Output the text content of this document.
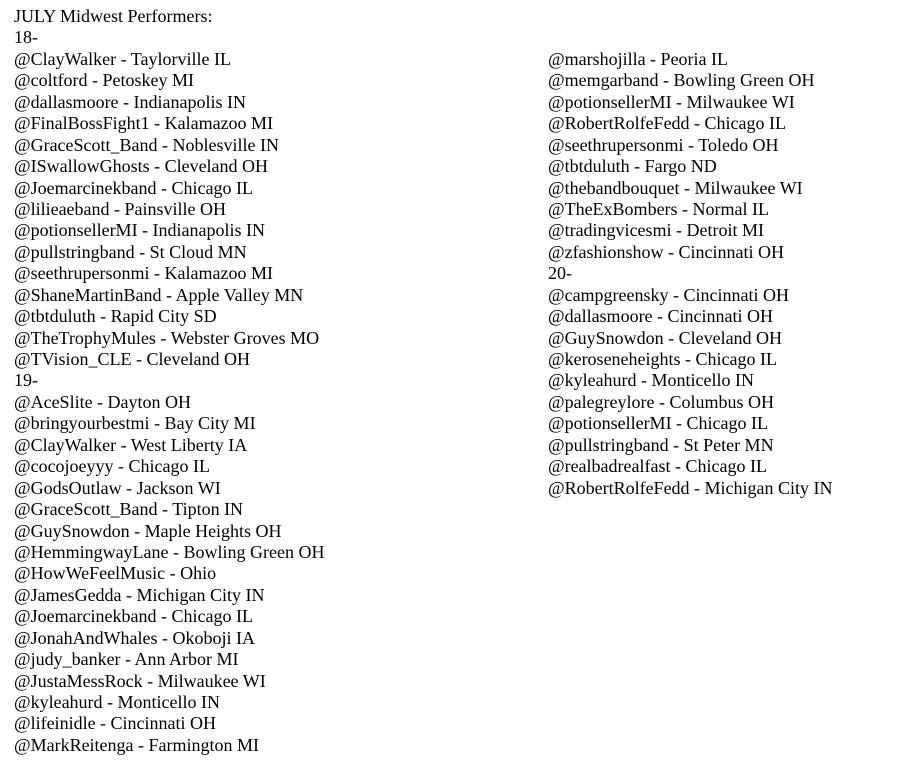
JULY Midwest Performers:
18-
@ClayWalker - Taylorville IL
@coltford - Petoskey MI
@dallasmoore - Indianapolis IN
@FinalBossFight1 - Kalamazoo MI
@GraceScott_Band - Noblesville IN
@ISwallowGhosts - Cleveland OH
@Joemarcinekband - Chicago IL
@lilieaeband - Painsville OH
@potionsellerMI - Indianapolis IN
@pullstringband - St Cloud MN
@seethrupersonmi - Kalamazoo MI
@ShaneMartinBand - Apple Valley MN
@tbtduluth - Rapid City SD
@TheTrophyMules - Webster Groves MO
@TVision_CLE - Cleveland OH
19-
@AceSlite - Dayton OH
@bringyourbestmi - Bay City MI
@ClayWalker - West Liberty IA
@cocojoeyyy - Chicago IL
@GodsOutlaw - Jackson WI
@GraceScott_Band - Tipton IN
@GuySnowdon - Maple Heights OH
@HemmingwayLane - Bowling Green OH
@HowWeFeelMusic - Ohio
@JamesGedda - Michigan City IN
@Joemarcinekband - Chicago IL
@JonahAndWhales - Okoboji IA
@judy_banker - Ann Arbor MI
@JustaMessRock - Milwaukee WI
@kyleahurd - Monticello IN
@lifeinidle - Cincinnati OH
@MarkReitenga - Farmington MI
@marshojilla - Peoria IL
@memgarband - Bowling Green OH
@potionsellerMI - Milwaukee WI
@RobertRolfeFedd - Chicago IL
@seethrupersonmi - Toledo OH
@tbtduluth - Fargo ND
@thebandbouquet - Milwaukee WI
@TheExBombers - Normal IL
@tradingvicesmi - Detroit MI
@zfashionshow - Cincinnati OH
20-
@campgreensky - Cincinnati OH
@dallasmoore - Cincinnati OH
@GuySnowdon - Cleveland OH
@keroseneheights - Chicago IL
@kyleahurd - Monticello IN
@palegreylore - Columbus OH
@potionsellerMI - Chicago IL
@pullstringband - St Peter MN
@realbadrealfast - Chicago IL
@RobertRolfeFedd - Michigan City IN
